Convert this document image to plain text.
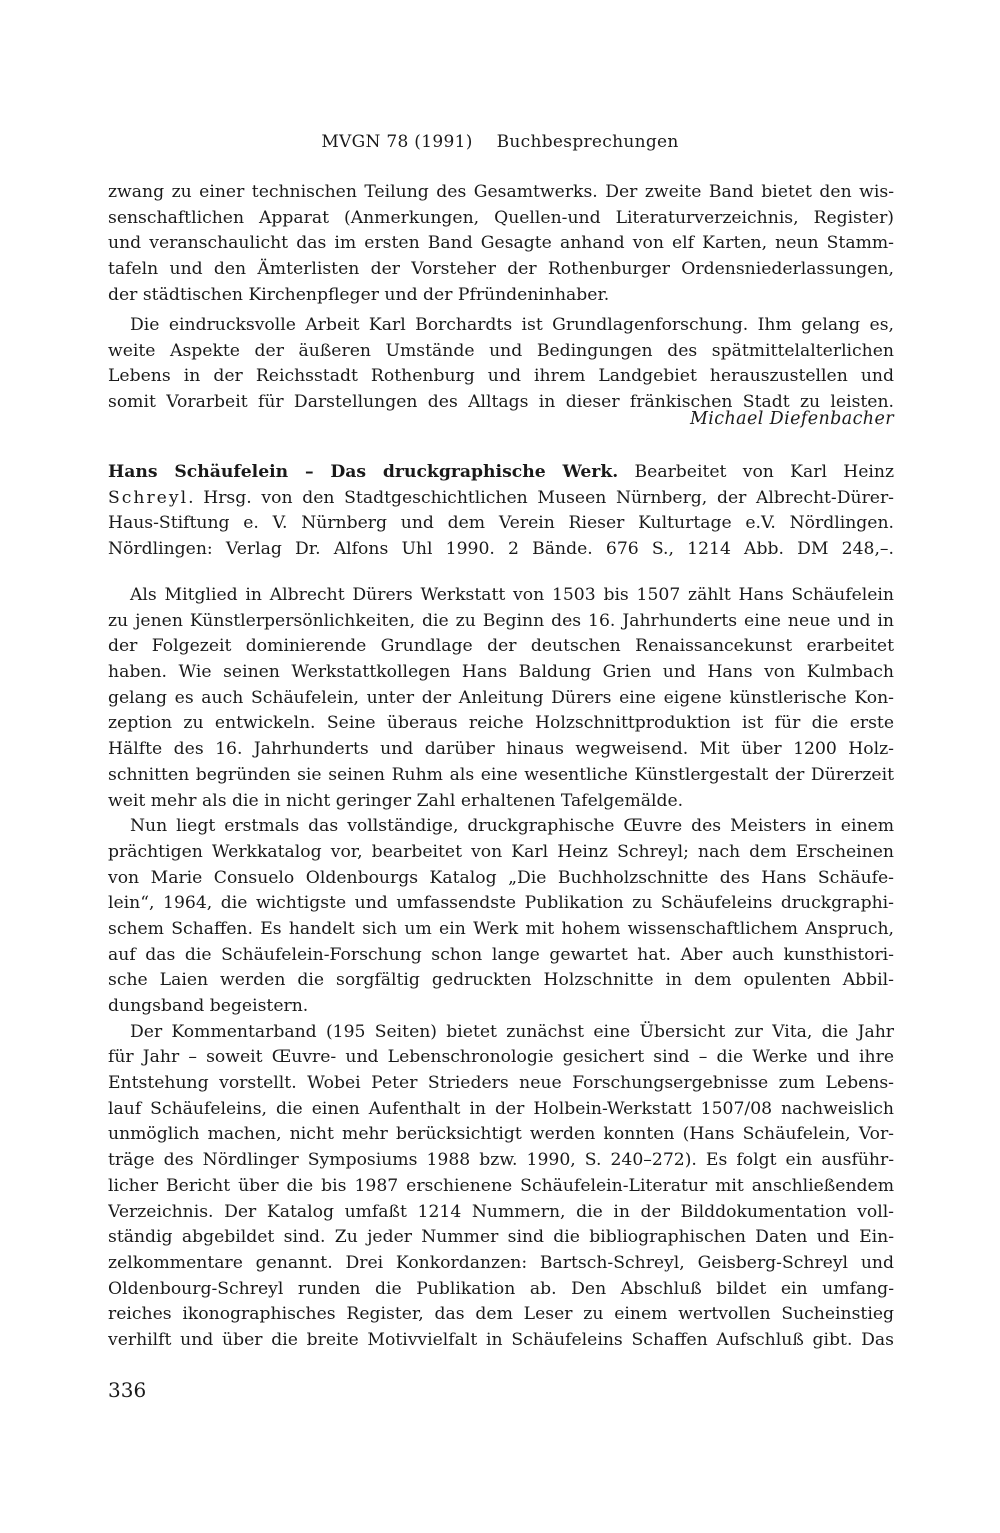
MVGN 78 (1991) Buchbesprechungen
zwang zu einer technischen Teilung des Gesamtwerks. Der zweite Band bietet den wis-
senschaftlichen Apparat (Anmerkungen, Quellen-und Literaturverzeichnis, Register)
und veranschaulicht das im ersten Band Gesagte anhand von elf Karten, neun Stamm-
tafeln und den Ämterlisten der Vorsteher der Rothenburger Ordensniederlassungen,
der städtischen Kirchenpfleger und der Pfründeninhaber.
Die eindrucksvolle Arbeit Karl Borchardts ist Grundlagenforschung. Ihm gelang es,
weite Aspekte der äußeren Umstände und Bedingungen des spätmittelalterlichen
Lebens in der Reichsstadt Rothenburg und ihrem Landgebiet herauszustellen und
somit Vorarbeit für Darstellungen des Alltags in dieser fränkischen Stadt zu leisten.
Michael Diefenbacher
Hans Schäufelein – Das druckgraphische Werk. Bearbeitet von Karl Heinz
Schreyl. Hrsg. von den Stadtgeschichtlichen Museen Nürnberg, der Albrecht-Dürer-
Haus-Stiftung e. V. Nürnberg und dem Verein Rieser Kulturtage e.V. Nördlingen.
Nördlingen: Verlag Dr. Alfons Uhl 1990. 2 Bände. 676 S., 1214 Abb. DM 248,–.
Als Mitglied in Albrecht Dürers Werkstatt von 1503 bis 1507 zählt Hans Schäufelein
zu jenen Künstlerpersönlichkeiten, die zu Beginn des 16. Jahrhunderts eine neue und in
der Folgezeit dominierende Grundlage der deutschen Renaissancekunst erarbeitet
haben. Wie seinen Werkstattkollegen Hans Baldung Grien und Hans von Kulmbach
gelang es auch Schäufelein, unter der Anleitung Dürers eine eigene künstlerische Kon-
zeption zu entwickeln. Seine überaus reiche Holzschnittproduktion ist für die erste
Hälfte des 16. Jahrhunderts und darüber hinaus wegweisend. Mit über 1200 Holz-
schnitten begründen sie seinen Ruhm als eine wesentliche Künstlergestalt der Dürerzeit
weit mehr als die in nicht geringer Zahl erhaltenen Tafelgemälde.
Nun liegt erstmals das vollständige, druckgraphische Œuvre des Meisters in einem
prächtigen Werkkatalog vor, bearbeitet von Karl Heinz Schreyl; nach dem Erscheinen
von Marie Consuelo Oldenbourgs Katalog „Die Buchholzschnitte des Hans Schäufe-
lein“, 1964, die wichtigste und umfassendste Publikation zu Schäufeleins druckgraphi-
schem Schaffen. Es handelt sich um ein Werk mit hohem wissenschaftlichem Anspruch,
auf das die Schäufelein-Forschung schon lange gewartet hat. Aber auch kunsthistori-
sche Laien werden die sorgfältig gedruckten Holzschnitte in dem opulenten Abbil-
dungsband begeistern.
Der Kommentarband (195 Seiten) bietet zunächst eine Übersicht zur Vita, die Jahr
für Jahr – soweit Œuvre- und Lebenschronologie gesichert sind – die Werke und ihre
Entstehung vorstellt. Wobei Peter Strieders neue Forschungsergebnisse zum Lebens-
lauf Schäufeleins, die einen Aufenthalt in der Holbein-Werkstatt 1507/08 nachweislich
unmöglich machen, nicht mehr berücksichtigt werden konnten (Hans Schäufelein, Vor-
träge des Nördlinger Symposiums 1988 bzw. 1990, S. 240–272). Es folgt ein ausführ-
licher Bericht über die bis 1987 erschienene Schäufelein-Literatur mit anschließendem
Verzeichnis. Der Katalog umfaßt 1214 Nummern, die in der Bilddokumentation voll-
ständig abgebildet sind. Zu jeder Nummer sind die bibliographischen Daten und Ein-
zelkommentare genannt. Drei Konkordanzen: Bartsch-Schreyl, Geisberg-Schreyl und
Oldenbourg-Schreyl runden die Publikation ab. Den Abschluß bildet ein umfang-
reiches ikonographisches Register, das dem Leser zu einem wertvollen Sucheinstieg
verhilft und über die breite Motivvielfalt in Schäufeleins Schaffen Aufschluß gibt. Das
336
